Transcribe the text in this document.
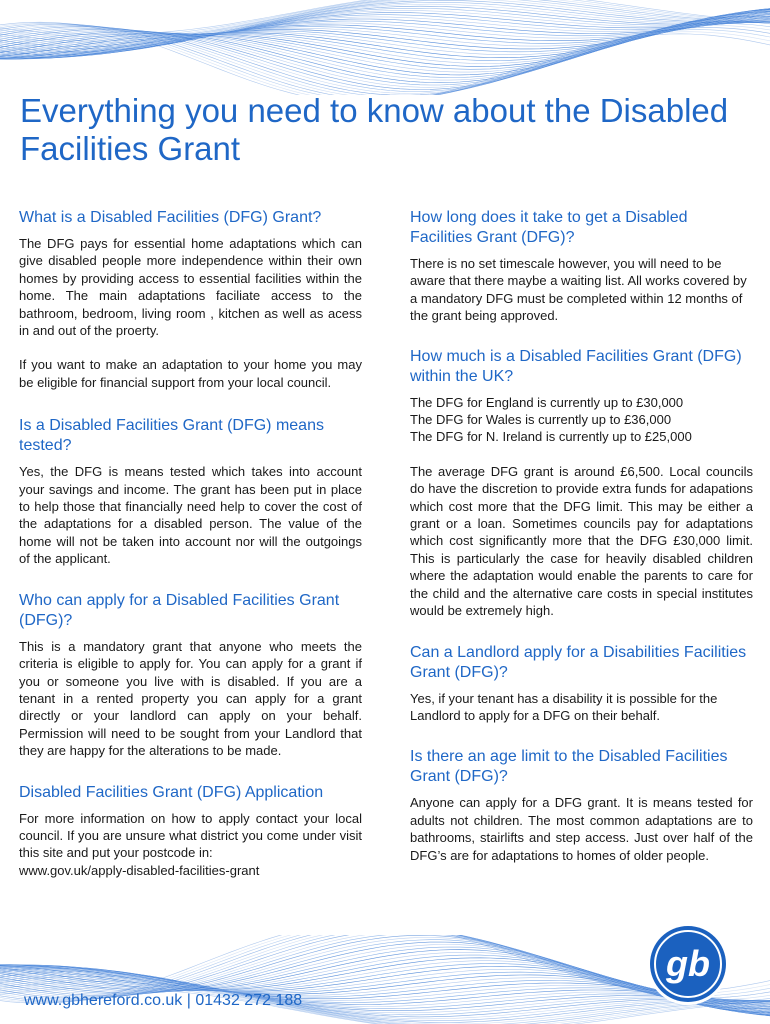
Everything you need to know about the Disabled Facilities Grant
What is a Disabled Facilities (DFG) Grant?

The DFG pays for essential home adaptations which can give disabled people more independence within their own homes by providing access to essential facilities within the home. The main adaptations faciliate access to the bathroom, bedroom, living room , kitchen as well as acess in and out of the proerty.

If you want to make an adaptation to your home you may be eligible for financial support from your local council.

Is a Disabled Facilities Grant (DFG) means tested?

Yes, the DFG is means tested which takes into account your savings and income. The grant has been put in place to help those that financially need help to cover the cost of the adaptations for a disabled person. The value of the home will not be taken into account nor will the outgoings of the applicant.

Who can apply for a Disabled Facilities Grant (DFG)?

This is a mandatory grant that anyone who meets the criteria is eligible to apply for. You can apply for a grant if you or someone you live with is disabled. If you are a tenant in a rented property you can apply for a grant directly or your landlord can apply on your behalf. Permission will need to be sought from your Landlord that they are happy for the alterations to be made.

Disabled Facilities Grant (DFG) Application

For more information on how to apply contact your local council. If you are unsure what district you come under visit this site and put your postcode in:

www.gov.uk/apply-disabled-facilities-grant

How long does it take to get a Disabled Facilities Grant (DFG)?

There is no set timescale however, you will need to be aware that there maybe a waiting list. All works covered by a mandatory DFG must be completed within 12 months of the grant being approved.

How much is a Disabled Facilities Grant (DFG) within the UK?

The DFG for England is currently up to £30,000

The DFG for Wales is currently up to £36,000

The DFG for N. Ireland is currently up to £25,000

The average DFG grant is around £6,500. Local councils do have the discretion to provide extra funds for adapations which cost more that the DFG limit. This may be either a grant or a loan. Sometimes councils pay for adaptations which cost significantly more that the DFG £30,000 limit. This is particularly the case for heavily disabled children where the adaptation would enable the parents to care for the child and the alternative care costs in special institutes would be extremely high.

Can a Landlord apply for a Disabilities Facilities Grant (DFG)?

Yes, if your tenant has a disability it is possible for the Landlord to apply for a DFG on their behalf.

Is there an age limit to the Disabled Facilities Grant (DFG)?

Anyone can apply for a DFG grant. It is means tested for adults not children. The most common adaptations are to bathrooms, stairlifts and step access. Just over half of the DFG’s are for adaptations to homes of older people.

www.gbhereford.co.uk | 01432 272 188
gb
